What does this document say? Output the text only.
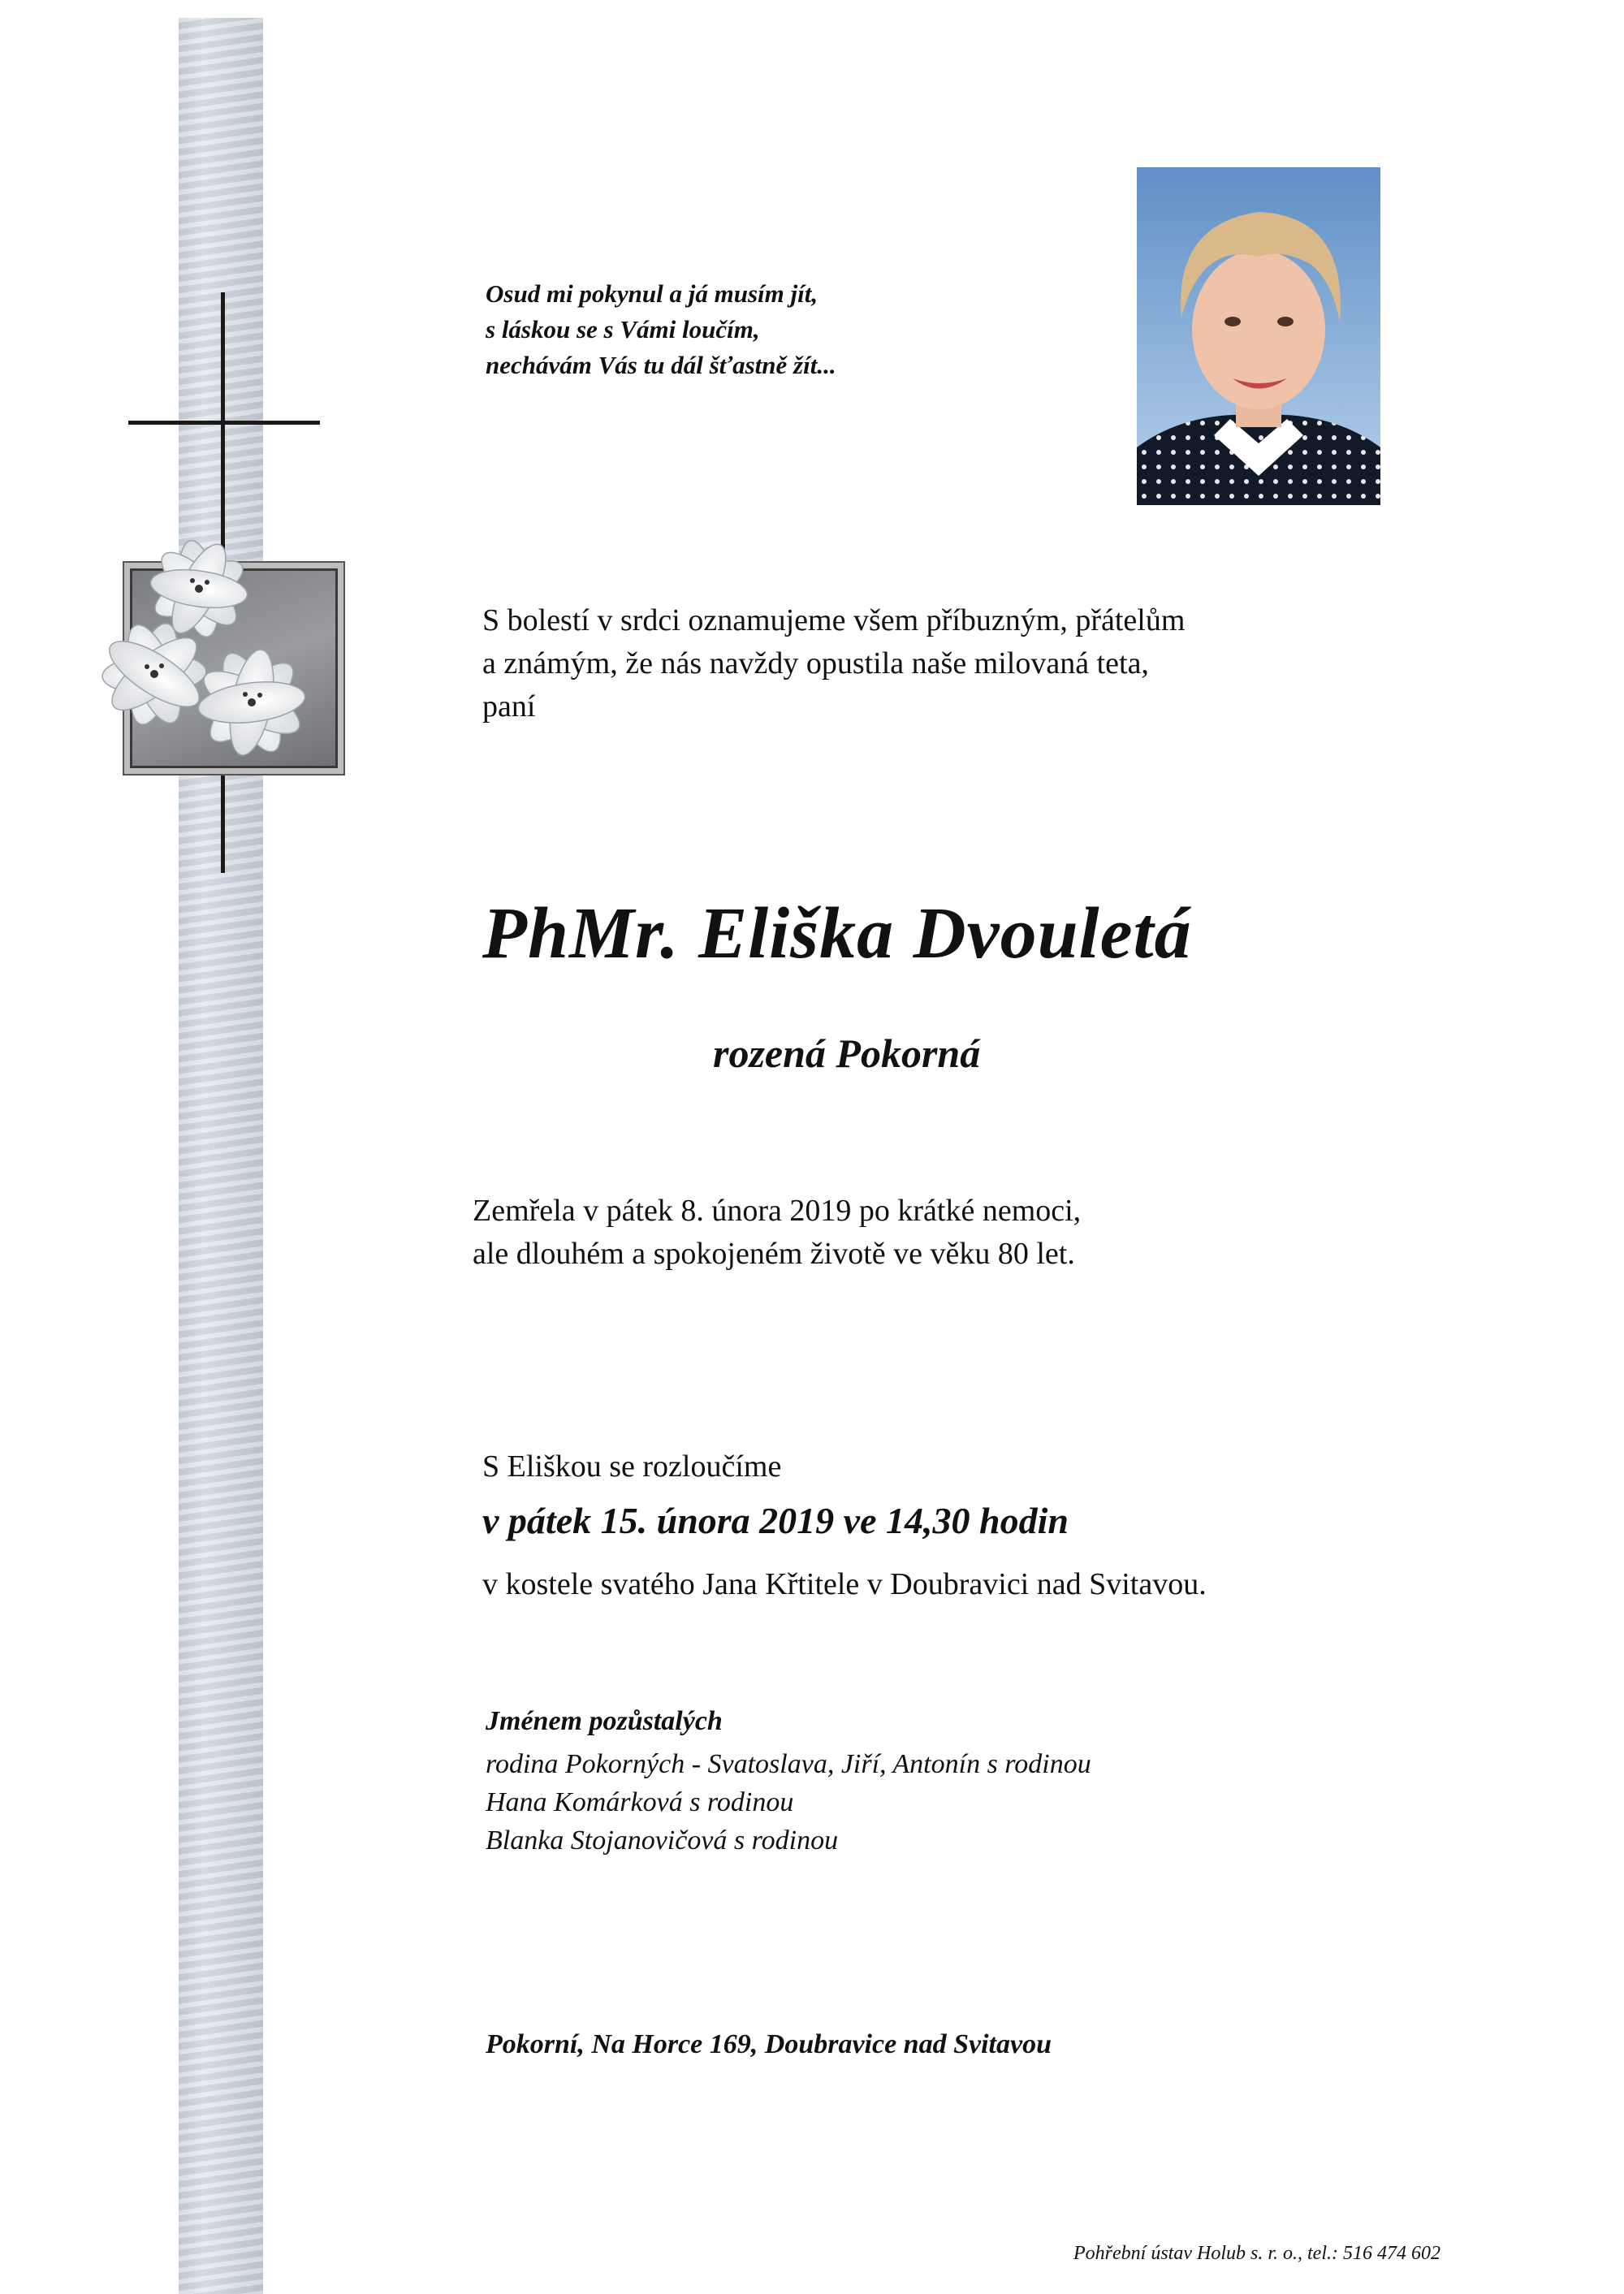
Osud mi pokynul a já musím jít,
s láskou se s Vámi loučím,
nechávám Vás tu dál šťastně žít...
S bolestí v srdci oznamujeme všem příbuzným, přátelům
a známým, že nás navždy opustila naše milovaná teta,
paní
PhMr. Eliška Dvouletá
rozená Pokorná
Zemřela v pátek 8. února 2019 po krátké nemoci,
ale dlouhém a spokojeném životě ve věku 80 let.
S Eliškou se rozloučíme
v pátek 15. února 2019 ve 14,30 hodin
v kostele svatého Jana Křtitele v Doubravici nad Svitavou.
Jménem pozůstalých
rodina Pokorných - Svatoslava, Jiří, Antonín s rodinou
Hana Komárková s rodinou
Blanka Stojanovičová s rodinou
Pokorní, Na Horce 169, Doubravice nad Svitavou
Pohřební ústav Holub s. r. o., tel.: 516 474 602
